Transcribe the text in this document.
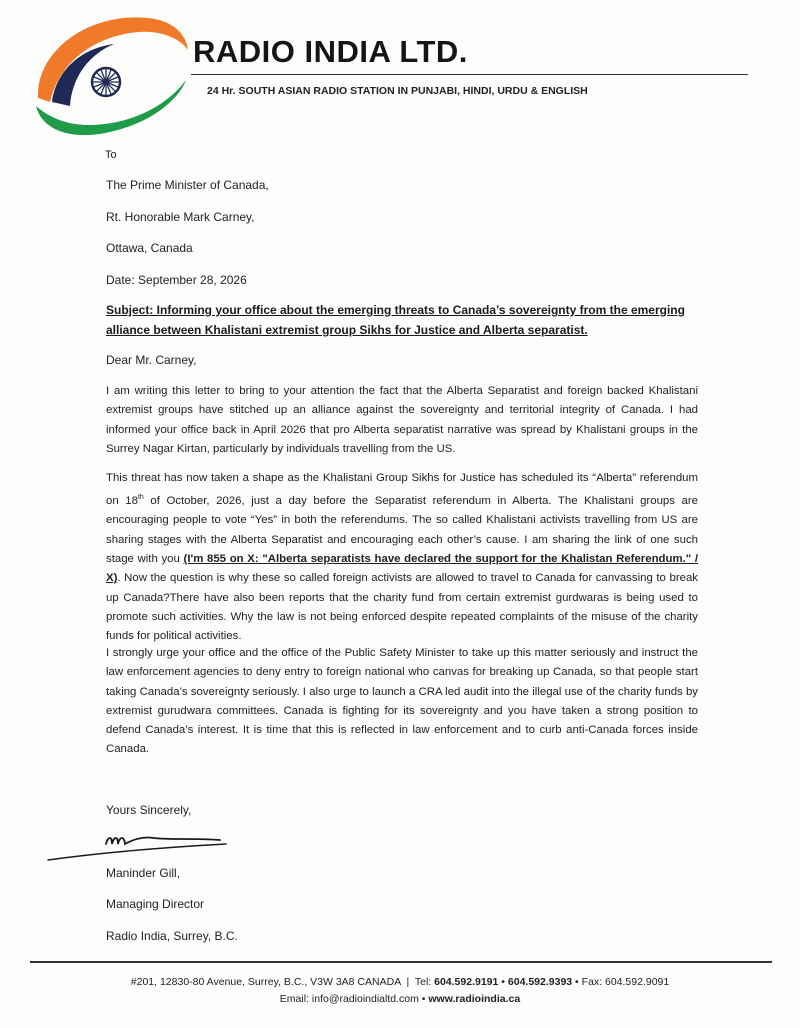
RADIO INDIA LTD.
24 Hr. SOUTH ASIAN RADIO STATION IN PUNJABI, HINDI, URDU & ENGLISH
To
The Prime Minister of Canada,
Rt. Honorable Mark Carney,
Ottawa, Canada
Date: September 28, 2026
Subject: Informing your office about the emerging threats to Canada’s sovereignty from the emerging alliance between Khalistani extremist group Sikhs for Justice and Alberta separatist.
Dear Mr. Carney,
I am writing this letter to bring to your attention the fact that the Alberta Separatist and foreign backed Khalistani extremist groups have stitched up an alliance against the sovereignty and territorial integrity of Canada. I had informed your office back in April 2026 that pro Alberta separatist narrative was spread by Khalistani groups in the Surrey Nagar Kirtan, particularly by individuals travelling from the US.
This threat has now taken a shape as the Khalistani Group Sikhs for Justice has scheduled its “Alberta” referendum on 18th of October, 2026, just a day before the Separatist referendum in Alberta. The Khalistani groups are encouraging people to vote “Yes” in both the referendums. The so called Khalistani activists travelling from US are sharing stages with the Alberta Separatist and encouraging each other’s cause. I am sharing the link of one such stage with you (I'm 855 on X: "Alberta separatists have declared the support for the Khalistan Referendum." / X). Now the question is why these so called foreign activists are allowed to travel to Canada for canvassing to break up Canada?There have also been reports that the charity fund from certain extremist gurdwaras is being used to promote such activities. Why the law is not being enforced despite repeated complaints of the misuse of the charity funds for political activities.
I strongly urge your office and the office of the Public Safety Minister to take up this matter seriously and instruct the law enforcement agencies to deny entry to foreign national who canvas for breaking up Canada, so that people start taking Canada’s sovereignty seriously. I also urge to launch a CRA led audit into the illegal use of the charity funds by extremist gurudwara committees. Canada is fighting for its sovereignty and you have taken a strong position to defend Canada’s interest. It is time that this is reflected in law enforcement and to curb anti-Canada forces inside Canada.
Yours Sincerely,
Maninder Gill,
Managing Director
Radio India, Surrey, B.C.
#201, 12830-80 Avenue, Surrey, B.C., V3W 3A8 CANADA | Tel: 604.592.9191 • 604.592.9393 • Fax: 604.592.9091
Email: info@radioindialtd.com • www.radioindia.ca
